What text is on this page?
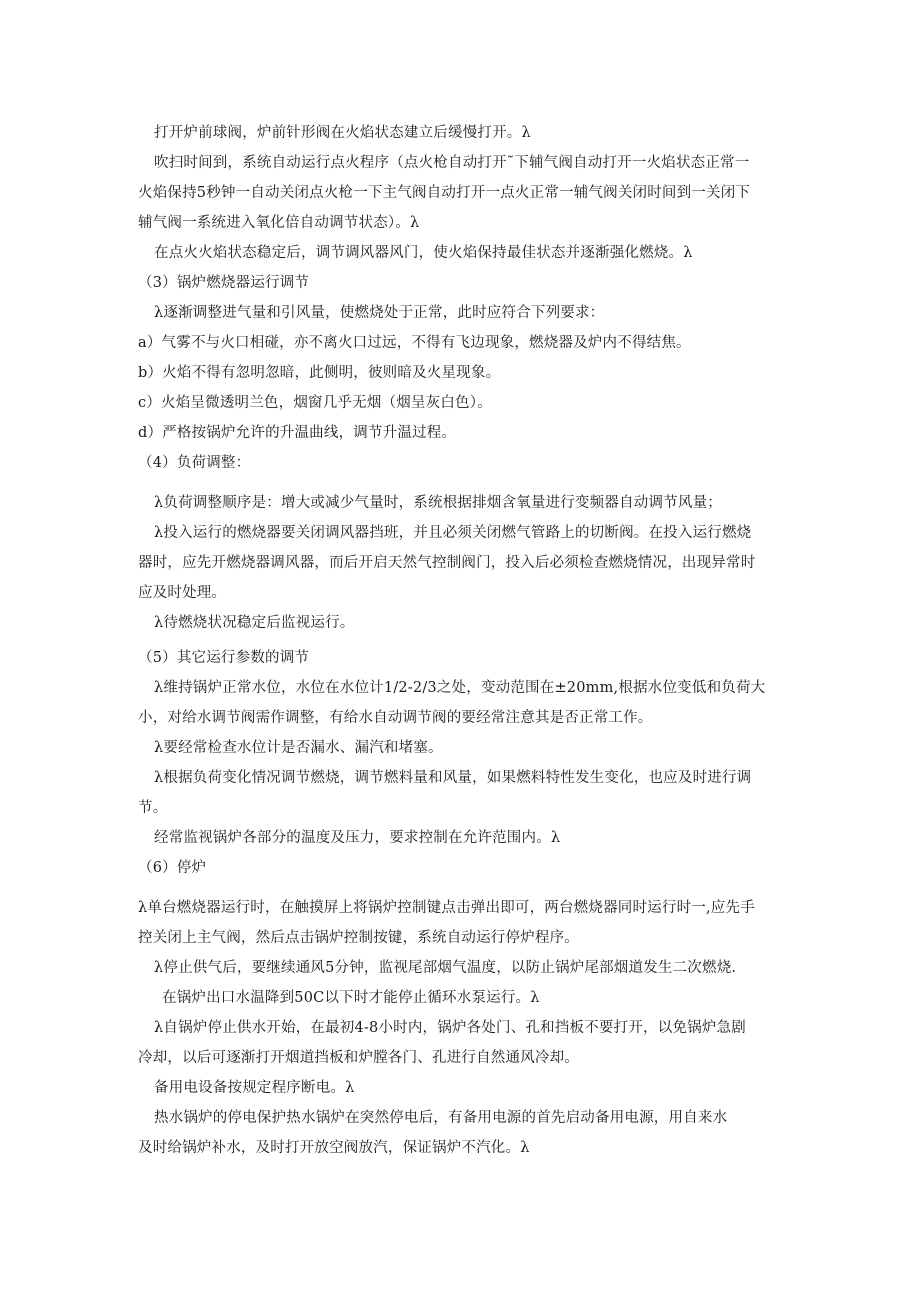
打开炉前球阀，炉前针形阀在火焰状态建立后缓慢打开。λ
吹扫时间到，系统自动运行点火程序（点火枪自动打开˜下辅气阀自动打开一火焰状态正常一
火焰保持5秒钟一自动关闭点火枪一下主气阀自动打开一点火正常一辅气阀关闭时间到一关闭下
辅气阀一系统进入氧化倍自动调节状态）。λ
在点火火焰状态稳定后，调节调风器风门，使火焰保持最佳状态并逐渐强化燃烧。λ
（3）锅炉燃烧器运行调节
λ逐渐调整进气量和引风量，使燃烧处于正常，此时应符合下列要求：
a）气雾不与火口相碰，亦不离火口过远，不得有飞边现象，燃烧器及炉内不得结焦。
b）火焰不得有忽明忽暗，此侧明，彼则暗及火星现象。
c）火焰呈微透明兰色，烟窗几乎无烟（烟呈灰白色）。
d）严格按锅炉允许的升温曲线，调节升温过程。
（4）负荷调整：
λ负荷调整顺序是：增大或减少气量时，系统根据排烟含氧量进行变频器自动调节风量；
λ投入运行的燃烧器要关闭调风器挡班，并且必须关闭燃气管路上的切断阀。在投入运行燃烧
器时，应先开燃烧器调风器，而后开启天然气控制阀门，投入后必须检查燃烧情况，出现异常时
应及时处理。
λ待燃烧状况稳定后监视运行。
（5）其它运行参数的调节
λ维持锅炉正常水位，水位在水位计1/2-2/3之处，变动范围在±20mm,根据水位变低和负荷大
小，对给水调节阀需作调整，有给水自动调节阀的要经常注意其是否正常工作。
λ要经常检查水位计是否漏水、漏汽和堵塞。
λ根据负荷变化情况调节燃烧，调节燃料量和风量，如果燃料特性发生变化，也应及时进行调
节。
经常监视锅炉各部分的温度及压力，要求控制在允许范围内。λ
（6）停炉
λ单台燃烧器运行时，在触摸屏上将锅炉控制键点击弹出即可，两台燃烧器同时运行时一,应先手
控关闭上主气阀，然后点击锅炉控制按键，系统自动运行停炉程序。
λ停止供气后，要继续通风5分钟，监视尾部烟气温度，以防止锅炉尾部烟道发生二次燃烧.
在锅炉出口水温降到50C以下时才能停止循环水泵运行。λ
λ自锅炉停止供水开始，在最初4-8小时内，锅炉各处门、孔和挡板不要打开，以免锅炉急剧
冷却，以后可逐渐打开烟道挡板和炉膛各门、孔进行自然通风冷却。
备用电设备按规定程序断电。λ
热水锅炉的停电保护热水锅炉在突然停电后，有备用电源的首先启动备用电源，用自来水
及时给锅炉补水，及时打开放空阀放汽，保证锅炉不汽化。λ
